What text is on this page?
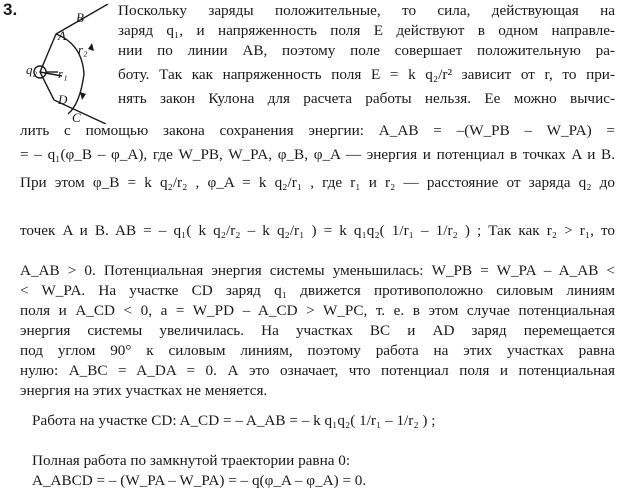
3.	B
A
r₂
q₂ r₁
D
C
Поскольку заряды положительные, то сила, действующая на
заряд q₁, и напряженность поля E действуют в одном направле-
нии по линии AB, поэтому поле совершает положительную ра-
боту. Так как напряженность поля E = k q₂/r² зависит от r, то при-
нять закон Кулона для расчета работы нельзя. Ее можно вычис-
лить с помощью закона сохранения энергии: A_AB = –(W_PB – W_PA) =
= – q₁(φ_B – φ_A), где W_PB, W_PA, φ_B, φ_A — энергия и потенциал в точках A и B.
При этом φ_B = k q₂/r₂ , φ_A = k q₂/r₁ , где r₁ и r₂ — расстояние от заряда q₂ до
точек A и B. AB = – q₁( k q₂/r₂ – k q₂/r₁ ) = k q₁q₂( 1/r₁ – 1/r₂ ) ; Так как r₂ > r₁, то
A_AB > 0. Потенциальная энергия системы уменьшилась: W_PB = W_PA – A_AB <
< W_PA. На участке CD заряд q₁ движется противоположно силовым линиям
поля и A_CD < 0, a = W_PD – A_CD > W_PC, т. е. в этом случае потенциальная
энергия системы увеличилась. На участках BC и AD заряд перемещается
под углом 90° к силовым линиям, поэтому работа на этих участках равна
нулю: A_BC = A_DA = 0. А это означает, что потенциал поля и потенциальная
энергия на этих участках не меняется.
Работа на участке CD: A_CD = – A_AB = – k q₁q₂( 1/r₁ – 1/r₂ ) ;
Полная работа по замкнутой траектории равна 0:
A_ABCD = – (W_PA – W_PA) = – q(φ_A – φ_A) = 0.
